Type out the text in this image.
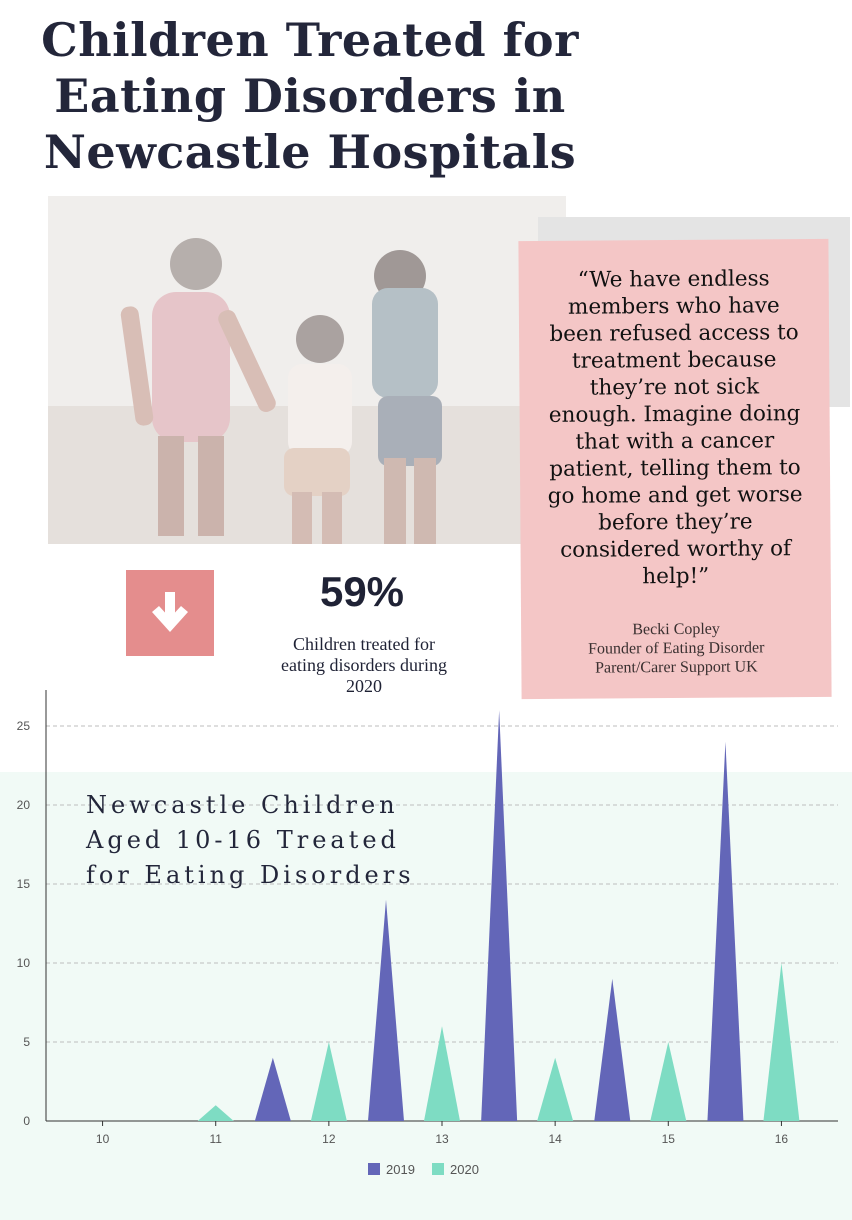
Children Treated for
Eating Disorders in
Newcastle Hospitals
“We have endless
members who have
been refused access to
treatment because
they’re not sick
enough. Imagine doing
that with a cancer
patient, telling them to
go home and get worse
before they’re
considered worthy of
help!”
Becki Copley
Founder of Eating Disorder
Parent/Carer Support UK
59%
Children treated for
eating disorders during
2020
0
5
10
15
20
25
10	11	12	13	14	15	16
2019	2020
Newcastle Children
Aged 10-16 Treated
for Eating Disorders
